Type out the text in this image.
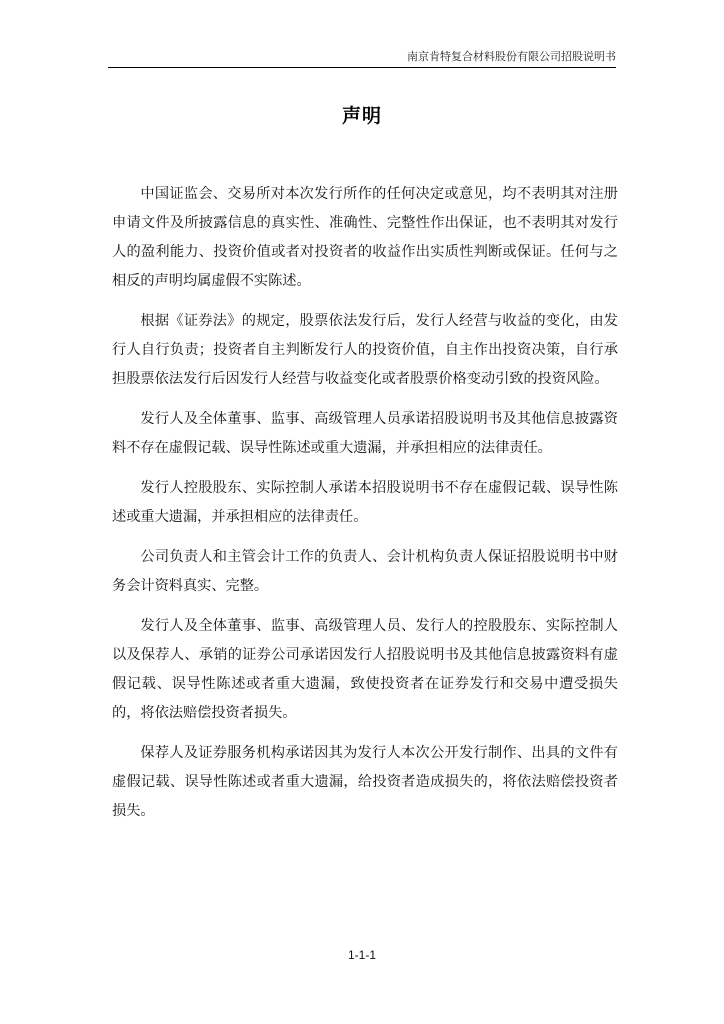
南京肯特复合材料股份有限公司招股说明书
声明

中国证监会、交易所对本次发行所作的任何决定或意见，均不表明其对注册申请文件及所披露信息的真实性、准确性、完整性作出保证，也不表明其对发行人的盈利能力、投资价值或者对投资者的收益作出实质性判断或保证。任何与之相反的声明均属虚假不实陈述。

根据《证券法》的规定，股票依法发行后，发行人经营与收益的变化，由发行人自行负责；投资者自主判断发行人的投资价值，自主作出投资决策，自行承担股票依法发行后因发行人经营与收益变化或者股票价格变动引致的投资风险。

发行人及全体董事、监事、高级管理人员承诺招股说明书及其他信息披露资料不存在虚假记载、误导性陈述或重大遗漏，并承担相应的法律责任。

发行人控股股东、实际控制人承诺本招股说明书不存在虚假记载、误导性陈述或重大遗漏，并承担相应的法律责任。

公司负责人和主管会计工作的负责人、会计机构负责人保证招股说明书中财务会计资料真实、完整。

发行人及全体董事、监事、高级管理人员、发行人的控股股东、实际控制人以及保荐人、承销的证券公司承诺因发行人招股说明书及其他信息披露资料有虚假记载、误导性陈述或者重大遗漏，致使投资者在证券发行和交易中遭受损失的，将依法赔偿投资者损失。

保荐人及证券服务机构承诺因其为发行人本次公开发行制作、出具的文件有虚假记载、误导性陈述或者重大遗漏，给投资者造成损失的，将依法赔偿投资者损失。

1-1-1
